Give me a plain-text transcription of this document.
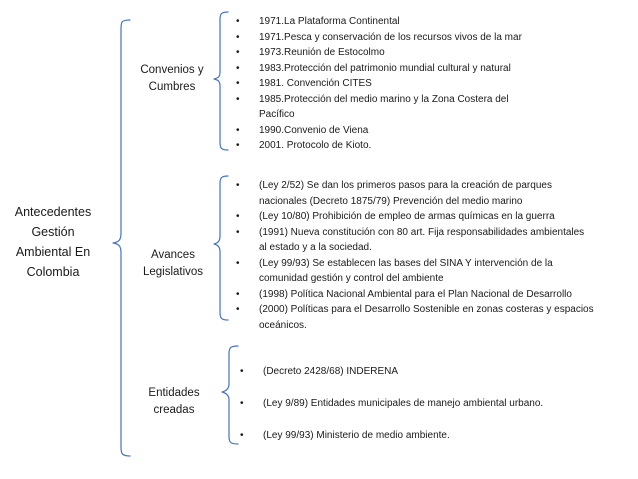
Antecedentes
Gestión
Ambiental En
Colombia
Convenios y
Cumbres
Avances
Legislativos
Entidades
creadas
• 1971.La Plataforma Continental
• 1971.Pesca y conservación de los recursos vivos de la mar
• 1973.Reunión de Estocolmo
• 1983.Protección del patrimonio mundial cultural y natural
• 1981. Convención CITES
• 1985.Protección del medio marino y la Zona Costera del
Pacífico
• 1990.Convenio de Viena
• 2001. Protocolo de Kioto.
• (Ley 2/52) Se dan los primeros pasos para la creación de parques
nacionales (Decreto 1875/79) Prevención del medio marino
• (Ley 10/80) Prohibición de empleo de armas químicas en la guerra
• (1991) Nueva constitución con 80 art. Fija responsabilidades ambientales
al estado y a la sociedad.
• (Ley 99/93) Se establecen las bases del SINA Y intervención de la
comunidad gestión y control del ambiente
• (1998) Política Nacional Ambiental para el Plan Nacional de Desarrollo
• (2000) Políticas para el Desarrollo Sostenible en zonas costeras y espacios
oceánicos.
• (Decreto 2428/68) INDERENA
• (Ley 9/89) Entidades municipales de manejo ambiental urbano.
• (Ley 99/93) Ministerio de medio ambiente.
